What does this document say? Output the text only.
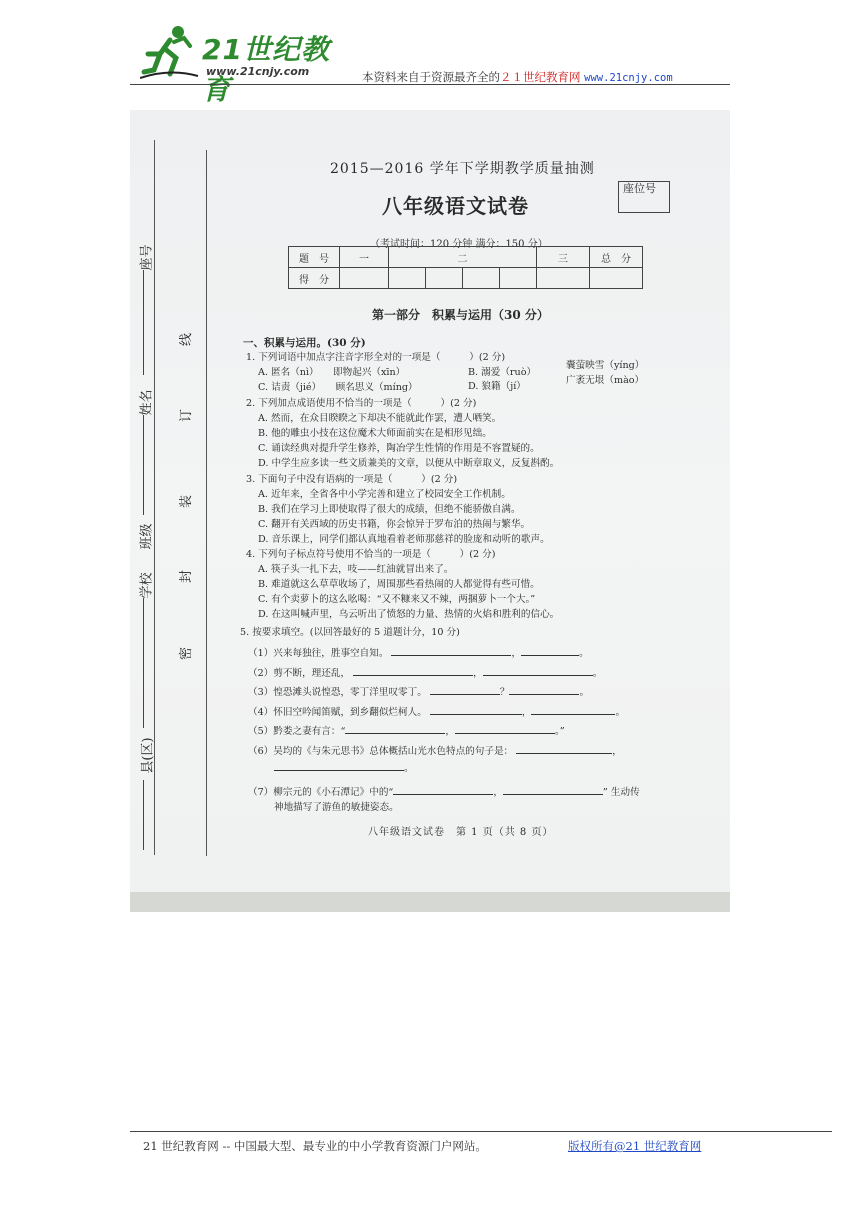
21世纪教育
www.21cnjy.com	本资料来自于资源最齐全的２１世纪教育网 www.21cnjy.com
座号
姓名
班级
学校
县(区)
线
订
装
封
密
2015—2016 学年下学期教学质量抽测
八年级语文试卷
座位号
（考试时间：120 分钟 满分：150 分）
题　号	一	二				三	总　分
得　分							
第一部分　积累与运用（30 分）
一、积累与运用。(30 分)
1. 下列词语中加点字注音字形全对的一项是（　　　）(2 分)
A. 匿名（nì）　　即物起兴（xīn）	B. 溺爱（ruò）
囊萤映雪（yíng）
C. 诘责（jié）　　顾名思义（míng）	D. 狼籍（jí）
广袤无垠（mào）
2. 下列加点成语使用不恰当的一项是（　　　）(2 分)
A. 然而，在众目睽睽之下却决不能就此作罢，遭人哂笑。
B. 他的雕虫小技在这位魔术大师面前实在是相形见绌。
C. 诵读经典对提升学生修养，陶冶学生性情的作用是不容置疑的。
D. 中学生应多读一些文质兼美的文章，以便从中断章取义，反复斟酌。
3. 下面句子中没有语病的一项是（　　　）(2 分)
A. 近年来，全省各中小学完善和建立了校园安全工作机制。
B. 我们在学习上即使取得了很大的成绩，但绝不能骄傲自满。
C. 翻开有关西域的历史书籍，你会惊异于罗布泊的热闹与繁华。
D. 音乐课上，同学们都认真地看着老师那慈祥的脸庞和动听的歌声。
4. 下列句子标点符号使用不恰当的一项是（　　　）(2 分)
A. 筷子头一扎下去，吱——红油就冒出来了。
B. 难道就这么草草收场了，周围那些看热闹的人都觉得有些可惜。
C. 有个卖萝卜的这么吆喝：“又不糠来又不辣，两捆萝卜一个大。”
D. 在这叫喊声里，乌云听出了愤怒的力量、热情的火焰和胜利的信心。
5. 按要求填空。(以回答最好的 5 道题计分，10 分)
（1）兴来每独往，胜事空自知。	，	。
（2）剪不断，理还乱，	，	。
（3）惶恐滩头说惶恐，零丁洋里叹零丁。	？	。
（4）怀旧空吟闻笛赋，到乡翻似烂柯人。	，	。
（5）黔娄之妻有言：“	，	。”
（6）吴均的《与朱元思书》总体概括山光水色特点的句子是：	，
。
（7）柳宗元的《小石潭记》中的“	，	” 生动传
神地描写了游鱼的敏捷姿态。
八年级语文试卷　第 1 页（共 8 页）
21 世纪教育网 -- 中国最大型、最专业的中小学教育资源门户网站。	版权所有@21 世纪教育网
